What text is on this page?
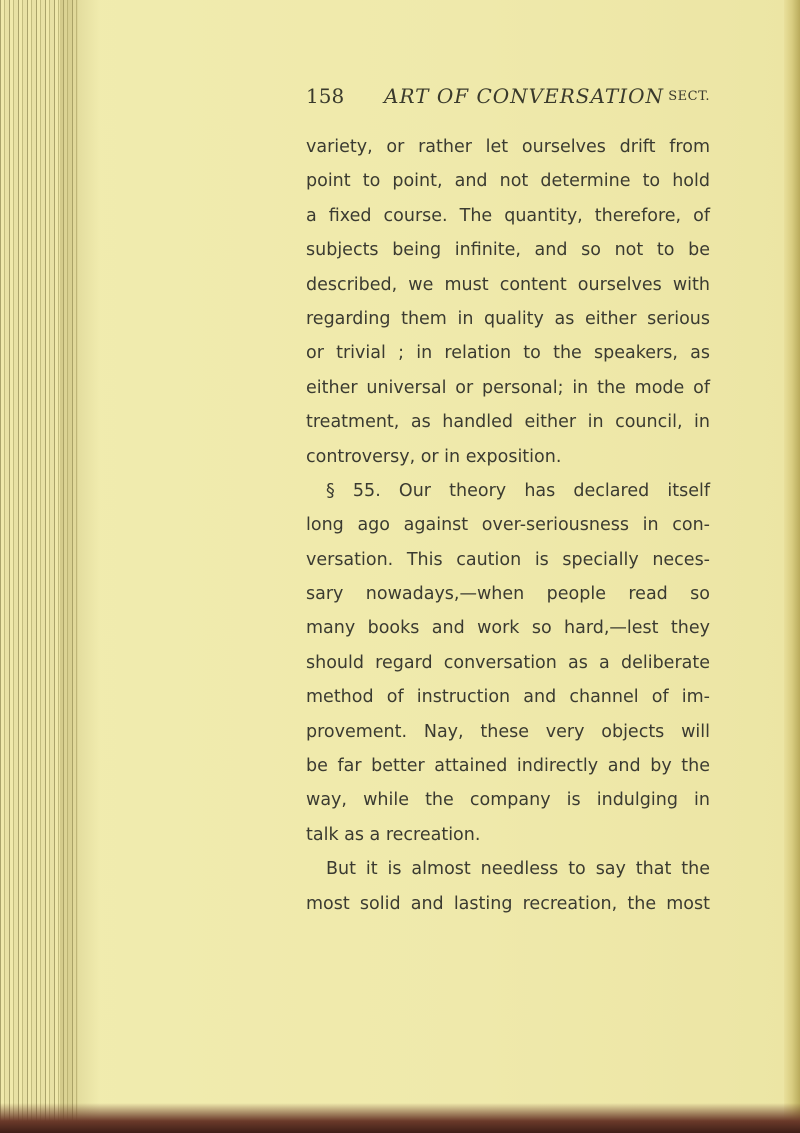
158 ART OF CONVERSATION SECT.
variety, or rather let ourselves drift from
point to point, and not determine to hold
a fixed course. The quantity, therefore, of
subjects being infinite, and so not to be
described, we must content ourselves with
regarding them in quality as either serious
or trivial ; in relation to the speakers, as
either universal or personal; in the mode of
treatment, as handled either in council, in
controversy, or in exposition.
§ 55. Our theory has declared itself
long ago against over-seriousness in con-
versation. This caution is specially neces-
sary nowadays,—when people read so
many books and work so hard,—lest they
should regard conversation as a deliberate
method of instruction and channel of im-
provement. Nay, these very objects will
be far better attained indirectly and by the
way, while the company is indulging in
talk as a recreation.
But it is almost needless to say that the
most solid and lasting recreation, the most
